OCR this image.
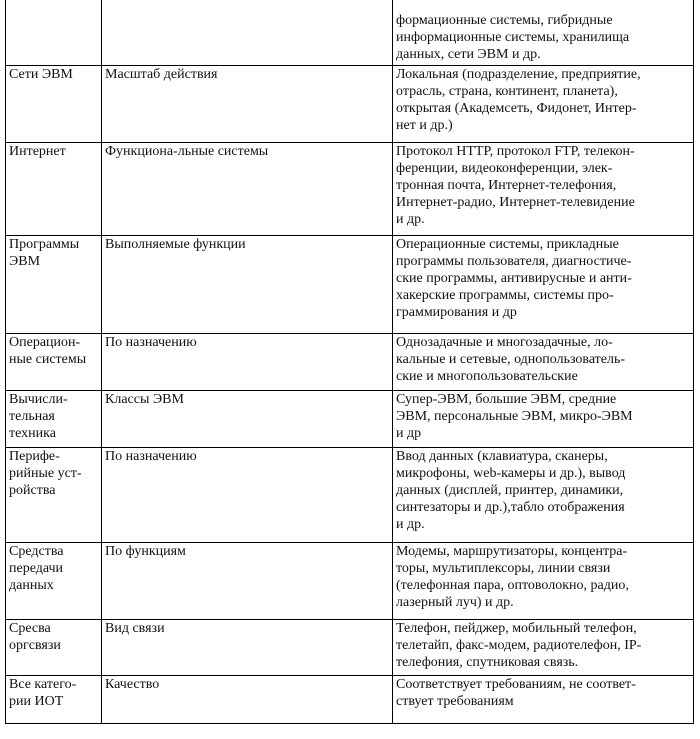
		формационные системы, гибридные
информационные системы, хранилища
данных, сети ЭВМ и др.

Сети ЭВМ	Масштаб действия	Локальная (подразделение, предприятие,
отрасль, страна, континент, планета),
открытая (Академсеть, Фидонет, Интер-
нет и др.)

Интернет	Функциона-льные системы	Протокол HTTP, протокол FTP, телекон-
ференции, видеоконференции, элек-
тронная почта, Интернет-телефония,
Интернет-радио, Интернет-телевидение
и др.

Программы
ЭВМ	Выполняемые функции	Операционные системы, прикладные
программы пользователя, диагностиче-
ские программы, антивирусные и анти-
хакерские программы, системы про-
граммирования и др

Операцион-
ные системы	По назначению	Однозадачные и многозадачные, ло-
кальные и сетевые, однопользователь-
ские и многопользовательские

Вычисли-
тельная
техника	Классы ЭВМ	Супер-ЭВМ, большие ЭВМ, средние
ЭВМ, персональные ЭВМ, микро-ЭВМ
и др

Перифе-
рийные уст-
ройства	По назначению	Ввод данных (клавиатура, сканеры,
микрофоны, web-камеры и др.), вывод
данных (дисплей, принтер, динамики,
синтезаторы и др.),табло отображения
и др.

Средства
передачи
данных	По функциям	Модемы, маршрутизаторы, концентра-
торы, мультиплексоры, линии связи
(телефонная пара, оптоволокно, радио,
лазерный луч) и др.

Сресва
оргсвязи	Вид связи	Телефон, пейджер, мобильный телефон,
телетайп, факс-модем, радиотелефон, IP-
телефония, спутниковая связь.

Все катего-
рии ИОТ	Качество	Соответствует требованиям, не соответ-
ствует требованиям
